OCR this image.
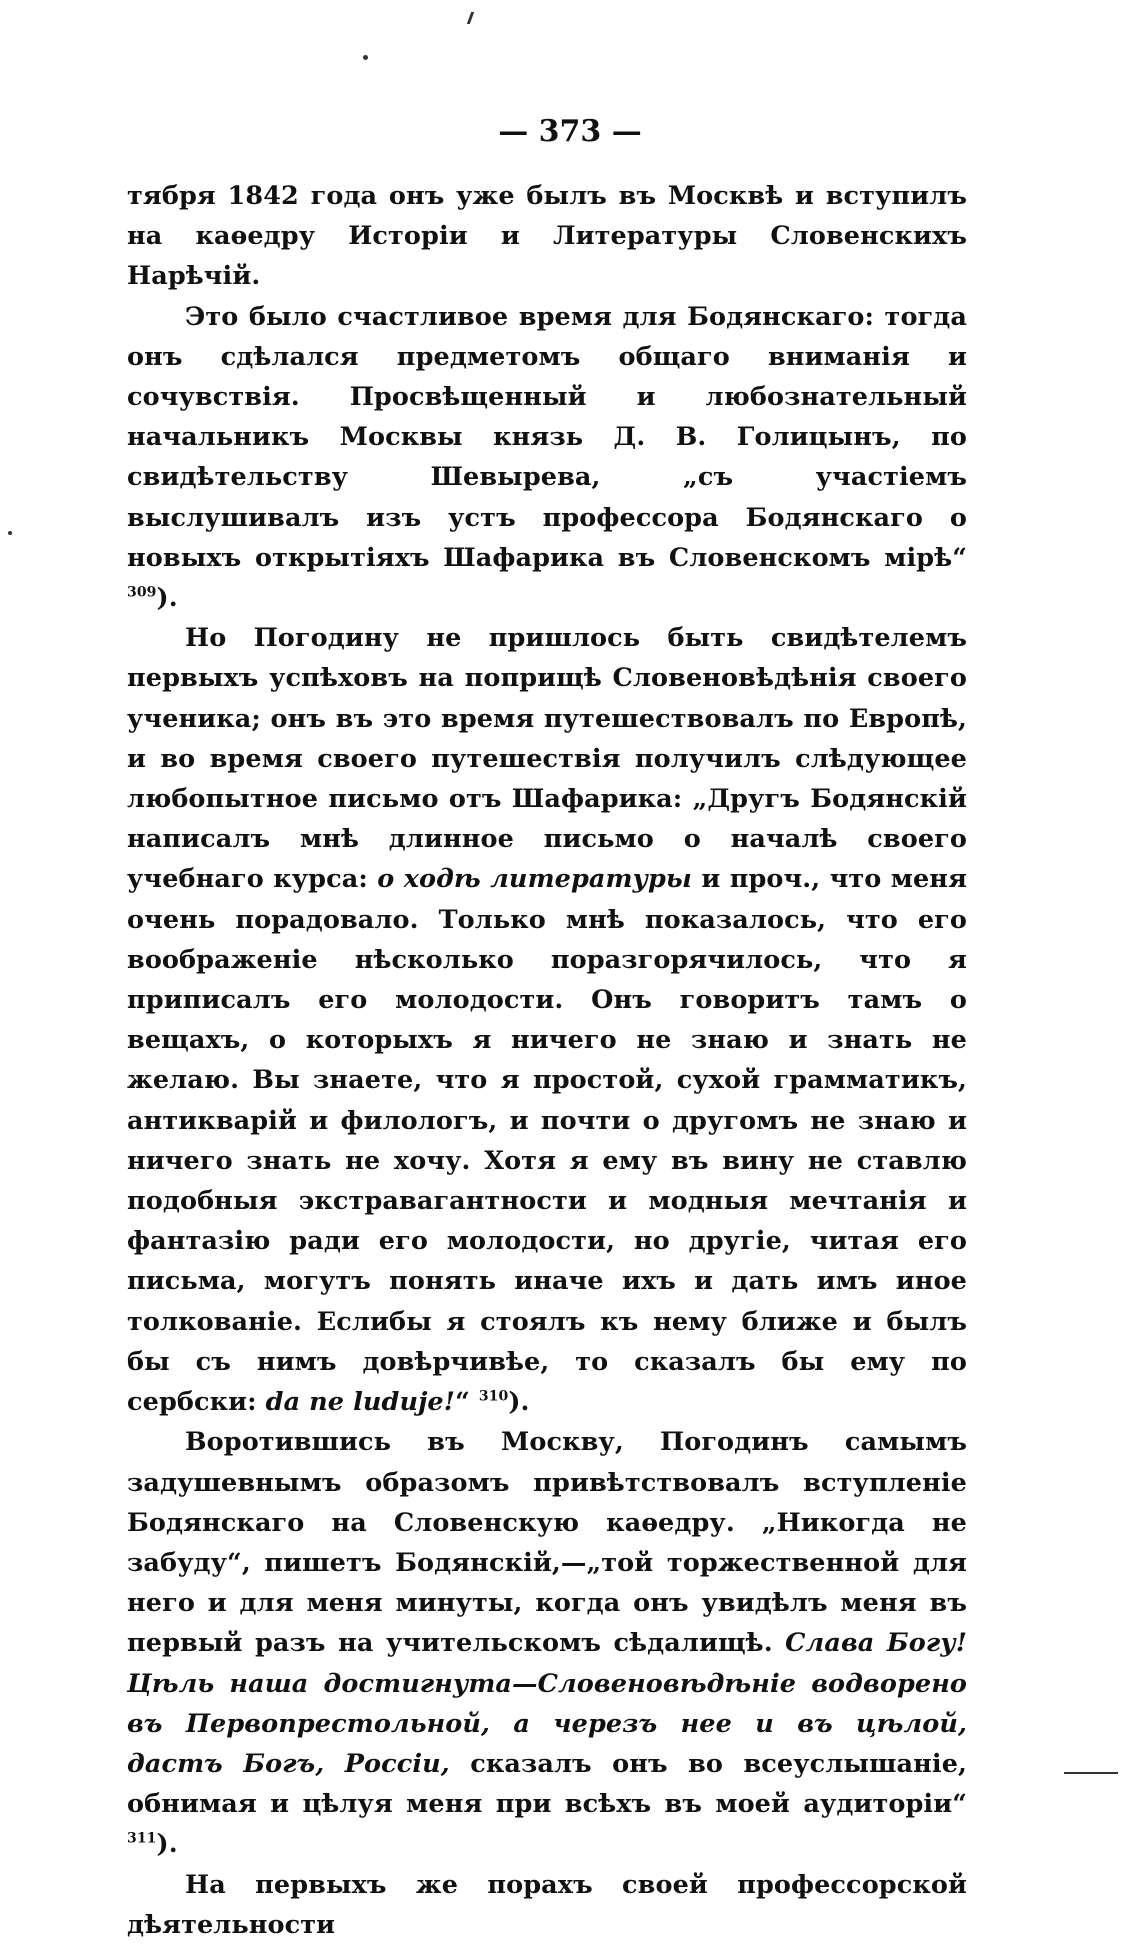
— 373 —

тября 1842 года онъ уже былъ въ Москвѣ и вступилъ на каѳедру Исторіи и Литературы Словенскихъ Нарѣчій.

Это было счастливое время для Бодянскаго: тогда онъ сдѣлался предметомъ общаго вниманія и сочувствія. Просвѣщенный и любознательный начальникъ Москвы князь Д. В. Голицынъ, по свидѣтельству Шевырева, „съ участіемъ выслушивалъ изъ устъ профессора Бодянскаго о новыхъ открытіяхъ Шафарика въ Словенскомъ мірѣ“ $^{309}$).

Но Погодину не пришлось быть свидѣтелемъ первыхъ успѣховъ на поприщѣ Словеновѣдѣнія своего ученика; онъ въ это время путешествовалъ по Европѣ, и во время своего путешествія получилъ слѣдующее любопытное письмо отъ Шафарика: „Другъ Бодянскій написалъ мнѣ длинное письмо о началѣ своего учебнаго курса: о ходѣ литературы и проч., что меня очень порадовало. Только мнѣ показалось, что его воображеніе нѣсколько поразгорячилось, что я приписалъ его молодости. Онъ говоритъ тамъ о вещахъ, о которыхъ я ничего не знаю и знать не желаю. Вы знаете, что я простой, сухой грамматикъ, антикварій и филологъ, и почти о другомъ не знаю и ничего знать не хочу. Хотя я ему въ вину не ставлю подобныя экстравагантности и модныя мечтанія и фантазію ради его молодости, но другіе, читая его письма, могутъ понять иначе ихъ и дать имъ иное толкованіе. Еслибы я стоялъ къ нему ближе и былъ бы съ нимъ довѣрчивѣе, то сказалъ бы ему по сербски: da ne luduje!“ $^{310}$).

Воротившись въ Москву, Погодинъ самымъ задушевнымъ образомъ привѣтствовалъ вступленіе Бодянскаго на Словенскую каѳедру. „Никогда не забуду“, пишетъ Бодянскій,—„той торжественной для него и для меня минуты, когда онъ увидѣлъ меня въ первый разъ на учительскомъ сѣдалищѣ. Слава Богу! Цѣль наша достигнута—Словеновѣдѣніе водворено въ Первопрестольной, а черезъ нее и въ цѣлой, дастъ Богъ, Россіи, сказалъ онъ во всеуслышаніе, обнимая и цѣлуя меня при всѣхъ въ моей аудиторіи“ $^{311}$).

На первыхъ же порахъ своей профессорской дѣятельности
